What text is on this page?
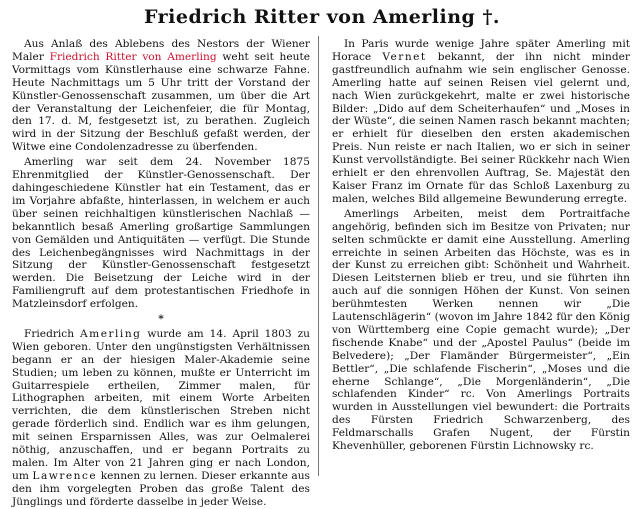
Friedrich Ritter von Amerling †.

Aus Anlaß des Ablebens des Nestors der Wiener Maler Friedrich Ritter von Amerling weht seit heute Vormittags vom Künstlerhause eine schwarze Fahne. Heute Nachmittags um 5 Uhr tritt der Vorstand der Künstler-Genossenschaft zusammen, um über die Art der Veranstaltung der Leichenfeier, die für Montag, den 17. d. M, festgesetzt ist, zu berathen. Zugleich wird in der Sitzung der Beschluß gefaßt werden, der Witwe eine Condolenzadresse zu überfenden.

Amerling war seit dem 24. November 1875 Ehrenmitglied der Künstler-Genossenschaft. Der dahingeschiedene Künstler hat ein Testament, das er im Vorjahre abfaßte, hinterlassen, in welchem er auch über seinen reichhaltigen künstlerischen Nachlaß — bekanntlich besaß Amerling großartige Sammlungen von Gemälden und Antiquitäten — verfügt. Die Stunde des Leichenbegängnisses wird Nachmittags in der Sitzung der Künstler-Genossenschaft festgesetzt werden. Die Beisetzung der Leiche wird in der Familiengruft auf dem protestantischen Friedhofe in Matzleinsdorf erfolgen.

*

Friedrich Amerling wurde am 14. April 1803 zu Wien geboren. Unter den ungünstigsten Verhältnissen begann er an der hiesigen Maler-Akademie seine Studien; um leben zu können, mußte er Unterricht im Guitarrespiele ertheilen, Zimmer malen, für Lithographen arbeiten, mit einem Worte Arbeiten verrichten, die dem künstlerischen Streben nicht gerade förderlich sind. Endlich war es ihm gelungen, mit seinen Ersparnissen Alles, was zur Oelmalerei nöthig, anzuschaffen, und er begann Portraits zu malen. Im Alter von 21 Jahren ging er nach London, um Lawrence kennen zu lernen. Dieser erkannte aus den ihm vorgelegten Proben das große Talent des Jünglings und förderte dasselbe in jeder Weise.

In Paris wurde wenige Jahre später Amerling mit Horace Vernet bekannt, der ihn nicht minder gastfreundlich aufnahm wie sein englischer Genosse. Amerling hatte auf seinen Reisen viel gelernt und, nach Wien zurückgekehrt, malte er zwei historische Bilder: „Dido auf dem Scheiterhaufen“ und „Moses in der Wüste“, die seinen Namen rasch bekannt machten; er erhielt für dieselben den ersten akademischen Preis. Nun reiste er nach Italien, wo er sich in seiner Kunst vervollständigte. Bei seiner Rückkehr nach Wien erhielt er den ehrenvollen Auftrag, Se. Majestät den Kaiser Franz im Ornate für das Schloß Laxenburg zu malen, welches Bild allgemeine Bewunderung erregte.

Amerlings Arbeiten, meist dem Portraitfache angehörig, befinden sich im Besitze von Privaten; nur selten schmückte er damit eine Ausstellung. Amerling erreichte in seinen Arbeiten das Höchste, was es in der Kunst zu erreichen gibt: Schönheit und Wahrheit. Diesen Leitsternen blieb er treu, und sie führten ihn auch auf die sonnigen Höhen der Kunst. Von seinen berühmtesten Werken nennen wir „Die Lautenschlägerin“ (wovon im Jahre 1842 für den König von Württemberg eine Copie gemacht wurde); „Der fischende Knabe“ und der „Apostel Paulus“ (beide im Belvedere); „Der Flamänder Bürgermeister“, „Ein Bettler“, „Die schlafende Fischerin“, „Moses und die eherne Schlange“, „Die Morgenländerin“, „Die schlafenden Kinder“ rc. Von Amerlings Portraits wurden in Ausstellungen viel bewundert: die Portraits des Fürsten Friedrich Schwarzenberg, des Feldmarschalls Grafen Nugent, der Fürstin Khevenhüller, geborenen Fürstin Lichnowsky rc.
